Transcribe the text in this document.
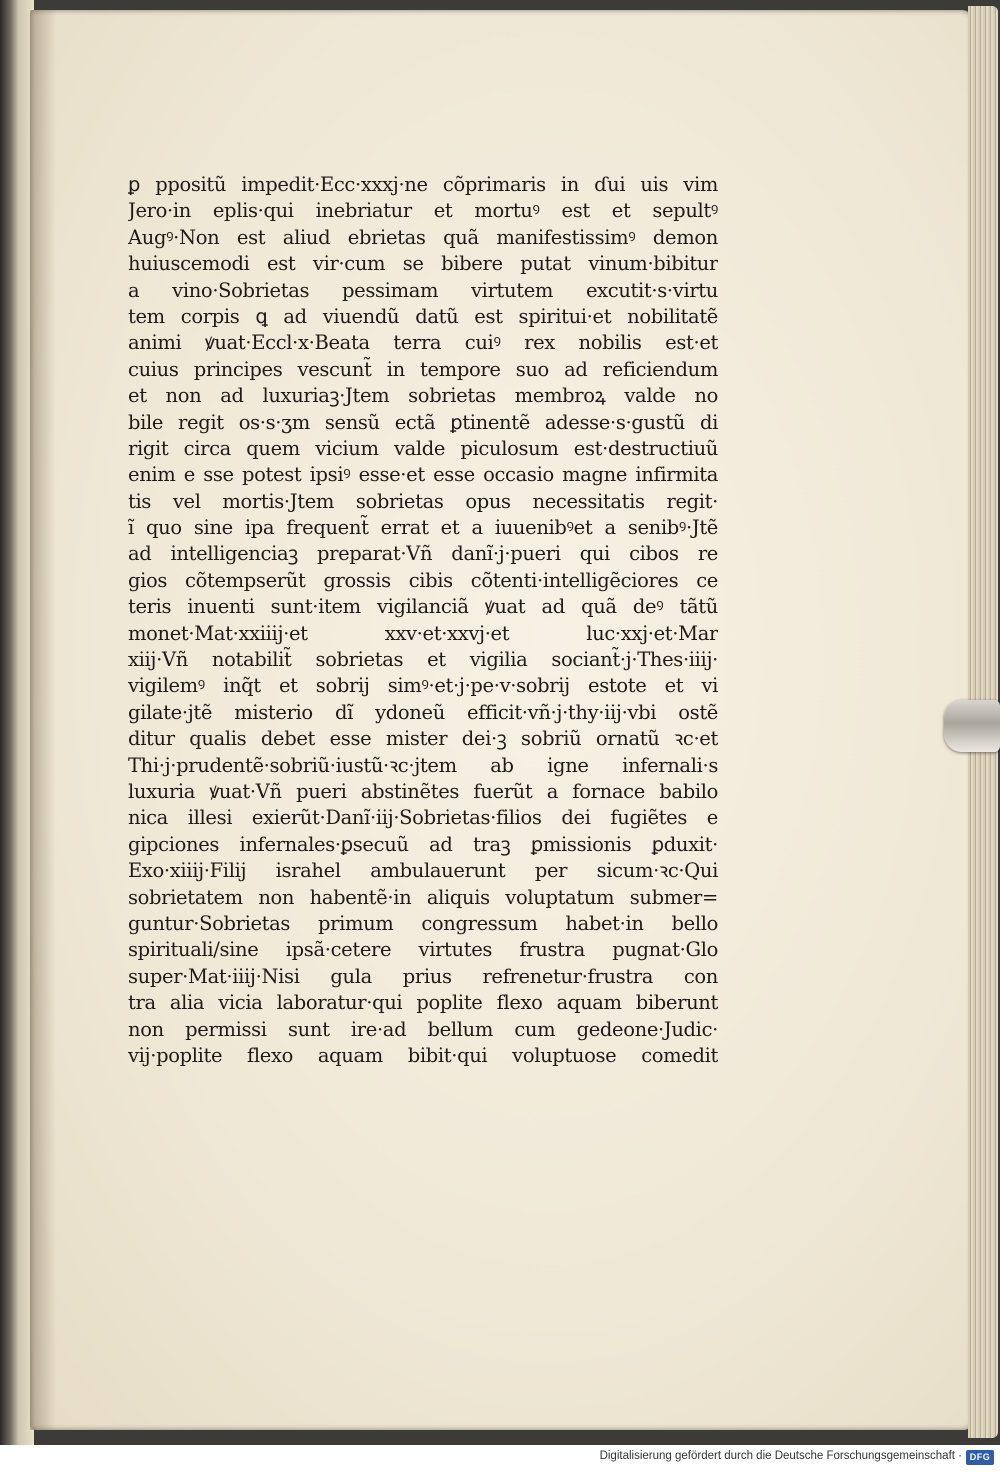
ꝑ ppositũ impedit·Ecc·xxxj·ne cõprimaris in ɗui uis vim
Jero·in eplis·qui inebriatur et mortuꝰ est et sepultꝰ
Augꝰ·Non est aliud ebrietas quã manifestissimꝰ demon
huiuscemodi est vir·cum se bibere putat vinum·bibitur
a vino·Sobrietas pessimam virtutem excutit·s·virtu
tem corpis ꝗ ad viuendũ datũ est spiritui·et nobilitatẽ
animi ꝟuat·Eccl·x·Beata terra cuiꝰ rex nobilis est·et
cuius principes vescunt̃ in tempore suo ad reficiendum
et non ad luxuriaꝫ·Jtem sobrietas membroꝝ valde no
bile regit os·s·ʒm sensũ ectã ꝑtinentẽ adesse·s·gustũ di
rigit circa quem vicium valde piculosum est·destructiuũ
enim e sse potest ipsiꝰ esse·et esse occasio magne infirmita
tis vel mortis·Jtem sobrietas opus necessitatis regit·
ĩ quo sine ipa frequent̃ errat et a iuuenibꝰet a senibꝰ·Jtẽ
ad intelligenciaꝫ preparat·Vñ danĩ·j·pueri qui cibos re
gios cõtempserũt grossis cibis cõtenti·intelligẽciores ce
teris inuenti sunt·item vigilanciã ꝟuat ad quã deꝰ tãtũ
monet·Mat·xxiiij·et xxv·et·xxvj·et luc·xxj·et·Mar
xiij·Vñ notabilit̃ sobrietas et vigilia sociant̃·j·Thes·iiij·
vigilemꝰ inq̃t et sobrij simꝰ·et·j·pe·v·sobrij estote et vi
gilate·jtẽ misterio dĩ ydoneũ efficit·vñ·j·thy·iij·vbi ostẽ
ditur qualis debet esse mister dei·ꝫ sobriũ ornatũ ꝛc·et
Thi·j·prudentẽ·sobriũ·iustũ·ꝛc·jtem ab igne infernali·s
luxuria ꝟuat·Vñ pueri abstinẽtes fuerũt a fornace babilo
nica illesi exierũt·Danĩ·iij·Sobrietas·filios dei fugiẽtes e
gipciones infernales·ꝑsecuũ ad traꝫ ꝑmissionis ꝑduxit·
Exo·xiiij·Filij israhel ambulauerunt per sicum·ꝛc·Qui
sobrietatem non habentẽ·in aliquis voluptatum submer=
guntur·Sobrietas primum congressum habet·in bello
spirituali/sine ipsã·cetere virtutes frustra pugnat·Glo
super·Mat·iiij·Nisi gula prius refrenetur·frustra con
tra alia vicia laboratur·qui poplite flexo aquam biberunt
non permissi sunt ire·ad bellum cum gedeone·Judic·
vij·poplite flexo aquam bibit·qui voluptuose comedit
Digitalisierung gefördert durch die Deutsche Forschungsgemeinschaft · DFG
